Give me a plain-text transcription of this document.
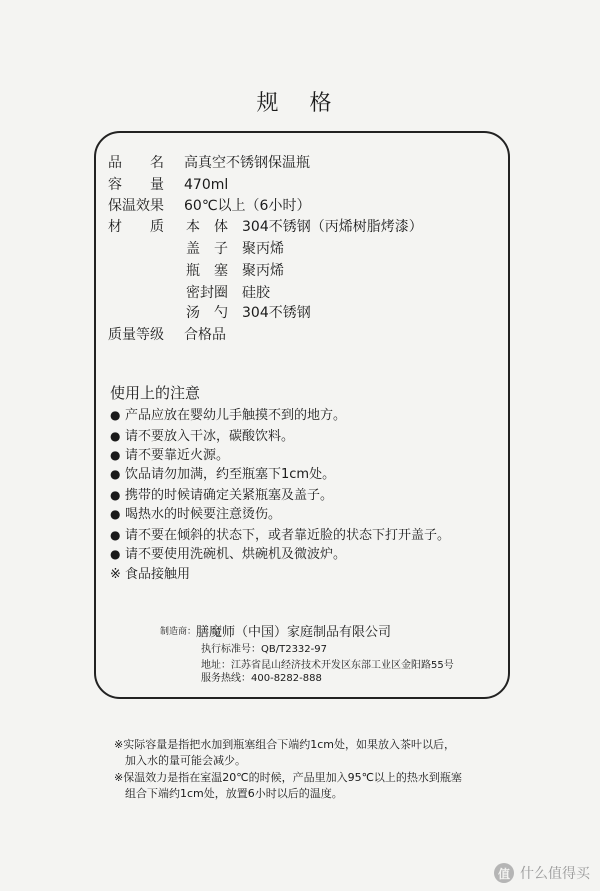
规 格
品　　名 高真空不锈钢保温瓶
容　　量 470ml
保温效果 60℃以上（6小时）
材　　质	本　体 304不锈钢（丙烯树脂烤漆）
盖　子 聚丙烯
瓶　塞 聚丙烯
密封圈 硅胶
汤　勺 304不锈钢
质量等级 合格品
使用上的注意
● 产品应放在婴幼儿手触摸不到的地方。
● 请不要放入干冰，碳酸饮料。
● 请不要靠近火源。
● 饮品请勿加满，约至瓶塞下1cm处。
● 携带的时候请确定关紧瓶塞及盖子。
● 喝热水的时候要注意烫伤。
● 请不要在倾斜的状态下，或者靠近脸的状态下打开盖子。
● 请不要使用洗碗机、烘碗机及微波炉。
※ 食品接触用
制造商：膳魔师（中国）家庭制品有限公司
执行标准号：QB/T2332-97
地址：江苏省昆山经济技术开发区东部工业区金阳路55号
服务热线：400-8282-888
※实际容量是指把水加到瓶塞组合下端约1cm处，如果放入茶叶以后，
　加入水的量可能会减少。
※保温效力是指在室温20℃的时候，产品里加入95℃以上的热水到瓶塞
　组合下端约1cm处，放置6小时以后的温度。
值 什么值得买
